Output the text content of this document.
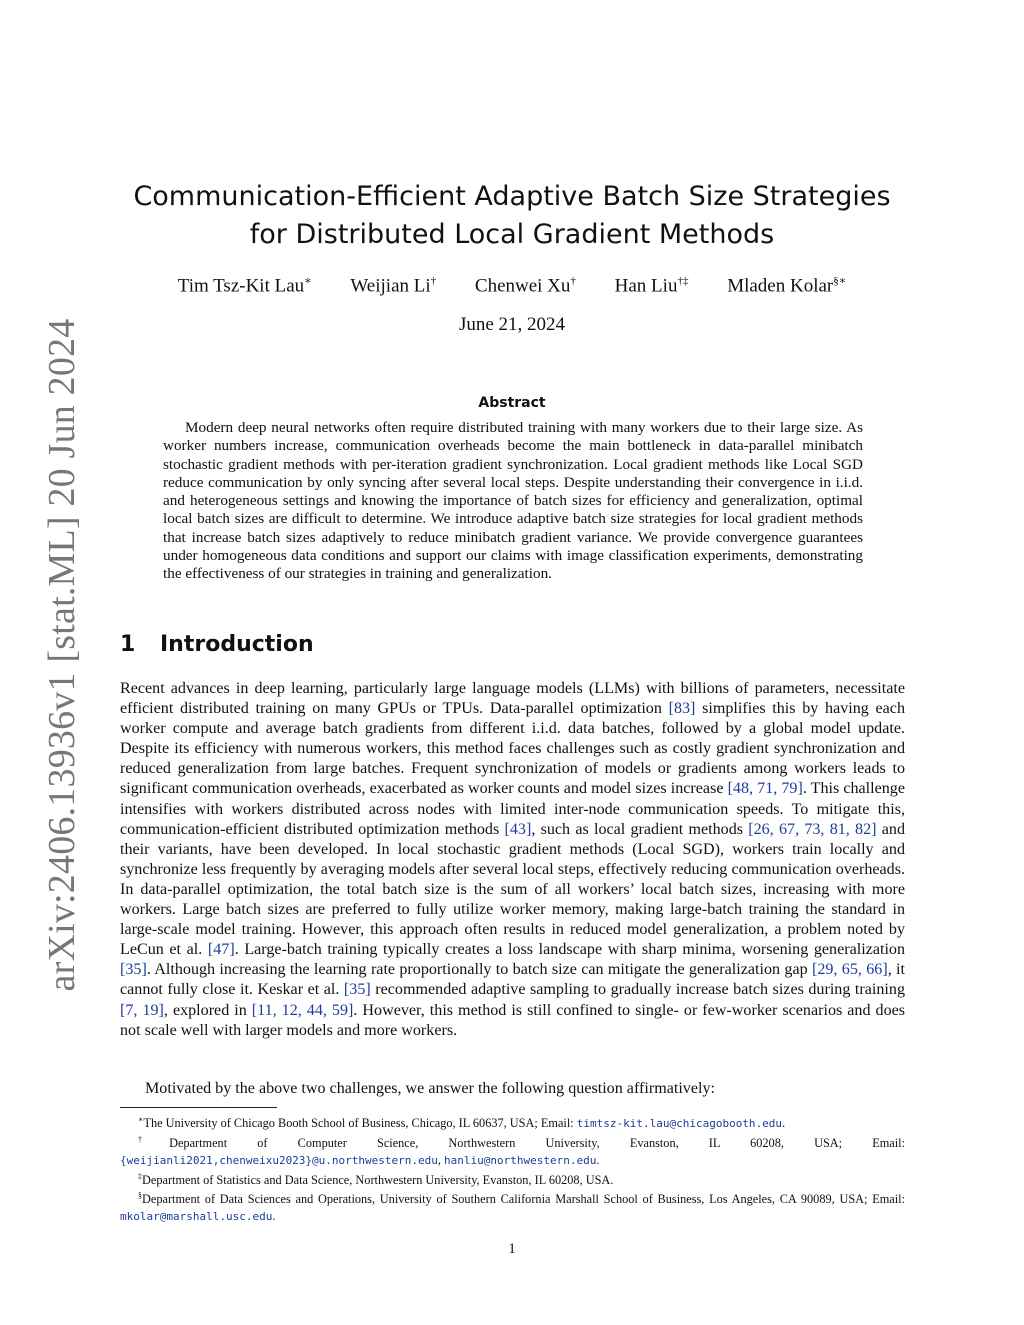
arXiv:2406.13936v1 [stat.ML] 20 Jun 2024
Communication-Efficient Adaptive Batch Size Strategies
for Distributed Local Gradient Methods
Tim Tsz-Kit Lau∗ Weijian Li† Chenwei Xu† Han Liu†‡ Mladen Kolar§∗
June 21, 2024
Abstract

Modern deep neural networks often require distributed training with many workers due to their large size. As worker numbers increase, communication overheads become the main bottleneck in data-parallel minibatch stochastic gradient methods with per-iteration gradient synchronization. Local gradient methods like Local SGD reduce communication by only syncing after several local steps. Despite understanding their convergence in i.i.d. and heterogeneous settings and knowing the importance of batch sizes for efficiency and generalization, optimal local batch sizes are difficult to determine. We introduce adaptive batch size strategies for local gradient methods that increase batch sizes adaptively to reduce minibatch gradient variance. We provide convergence guarantees under homogeneous data conditions and support our claims with image classification experiments, demonstrating the effectiveness of our strategies in training and generalization.

1 Introduction

Recent advances in deep learning, particularly large language models (LLMs) with billions of parameters, necessitate efficient distributed training on many GPUs or TPUs. Data-parallel optimization [83] simplifies this by having each worker compute and average batch gradients from different i.i.d. data batches, followed by a global model update. Despite its efficiency with numerous workers, this method faces challenges such as costly gradient synchronization and reduced generalization from large batches. Frequent synchronization of models or gradients among workers leads to significant communication overheads, exacerbated as worker counts and model sizes increase [48, 71, 79]. This challenge intensifies with workers distributed across nodes with limited inter-node communication speeds. To mitigate this, communication-efficient distributed optimization methods [43], such as local gradient methods [26, 67, 73, 81, 82] and their variants, have been developed. In local stochastic gradient methods (Local SGD), workers train locally and synchronize less frequently by averaging models after several local steps, effectively reducing communication overheads. In data-parallel optimization, the total batch size is the sum of all workers’ local batch sizes, increasing with more workers. Large batch sizes are preferred to fully utilize worker memory, making large-batch training the standard in large-scale model training. However, this approach often results in reduced model generalization, a problem noted by LeCun et al. [47]. Large-batch training typically creates a loss landscape with sharp minima, worsening generalization [35]. Although increasing the learning rate proportionally to batch size can mitigate the generalization gap [29, 65, 66], it cannot fully close it. Keskar et al. [35] recommended adaptive sampling to gradually increase batch sizes during training [7, 19], explored in [11, 12, 44, 59]. However, this method is still confined to single- or few-worker scenarios and does not scale well with larger models and more workers.

Motivated by the above two challenges, we answer the following question affirmatively:

∗The University of Chicago Booth School of Business, Chicago, IL 60637, USA; Email: timtsz-kit.lau@chicagobooth.edu.

†Department of Computer Science, Northwestern University, Evanston, IL 60208, USA; Email: {weijianli2021,chenweixu2023}@u.northwestern.edu, hanliu@northwestern.edu.

‡Department of Statistics and Data Science, Northwestern University, Evanston, IL 60208, USA.

§Department of Data Sciences and Operations, University of Southern California Marshall School of Business, Los Angeles, CA 90089, USA; Email: mkolar@marshall.usc.edu.

1
